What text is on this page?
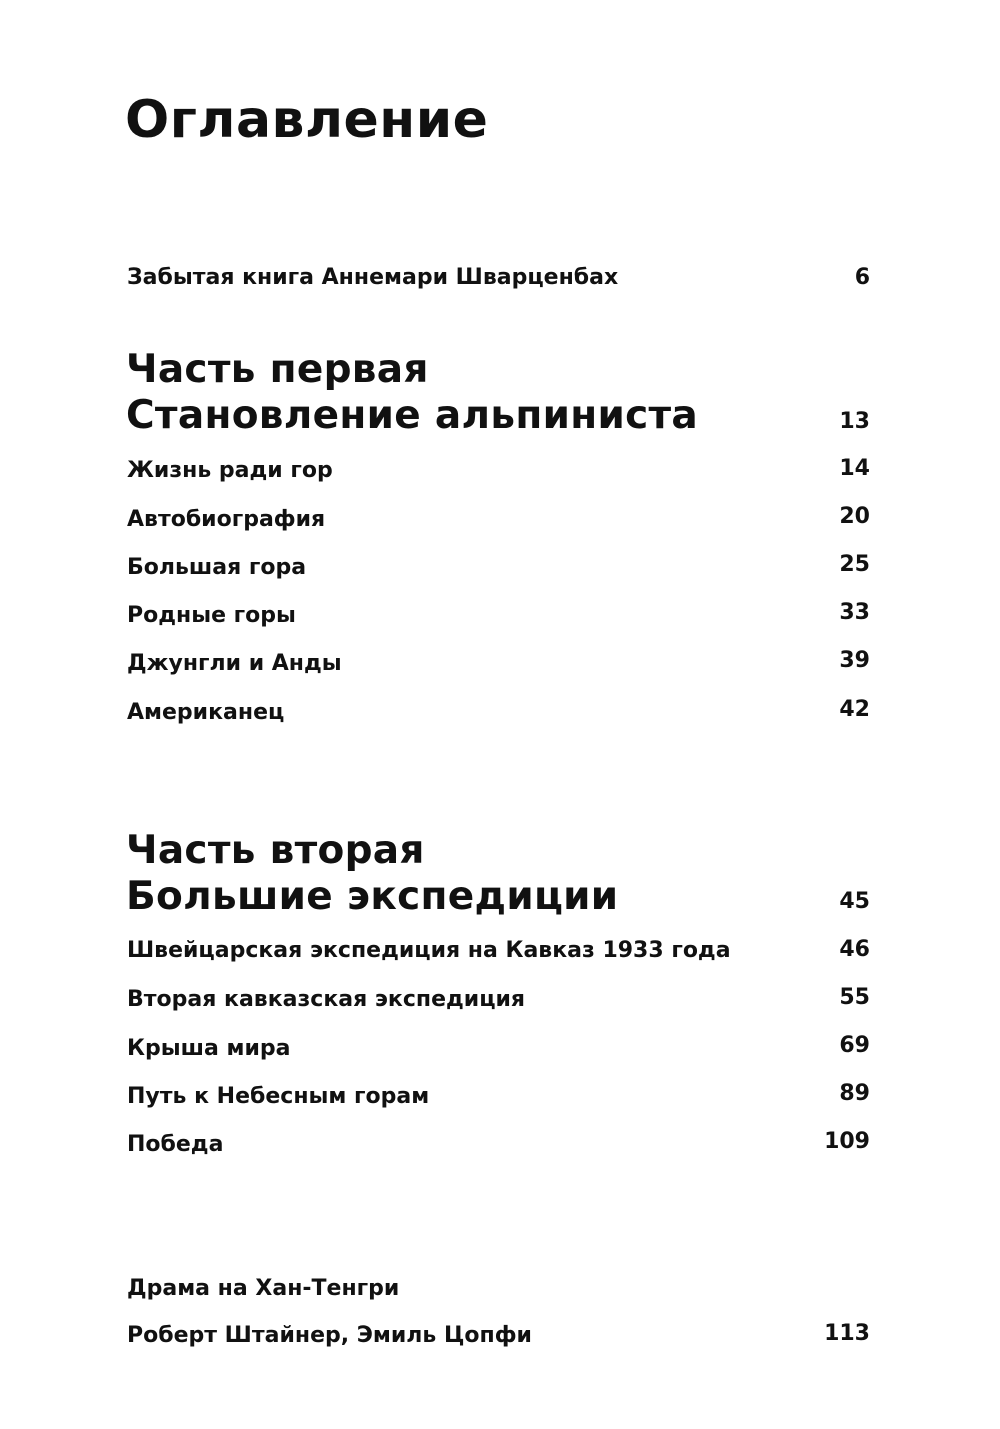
Оглавление
Забытая книга Аннемари Шварценбах	6
Часть первая
Становление альпиниста	13
Жизнь ради гор	14
Автобиография	20
Большая гора	25
Родные горы	33
Джунгли и Анды	39
Американец	42
Часть вторая
Большие экспедиции	45
Швейцарская экспедиция на Кавказ 1933 года	46
Вторая кавказская экспедиция	55
Крыша мира	69
Путь к Небесным горам	89
Победа	109
Драма на Хан-Тенгри
Роберт Штайнер, Эмиль Цопфи	113
